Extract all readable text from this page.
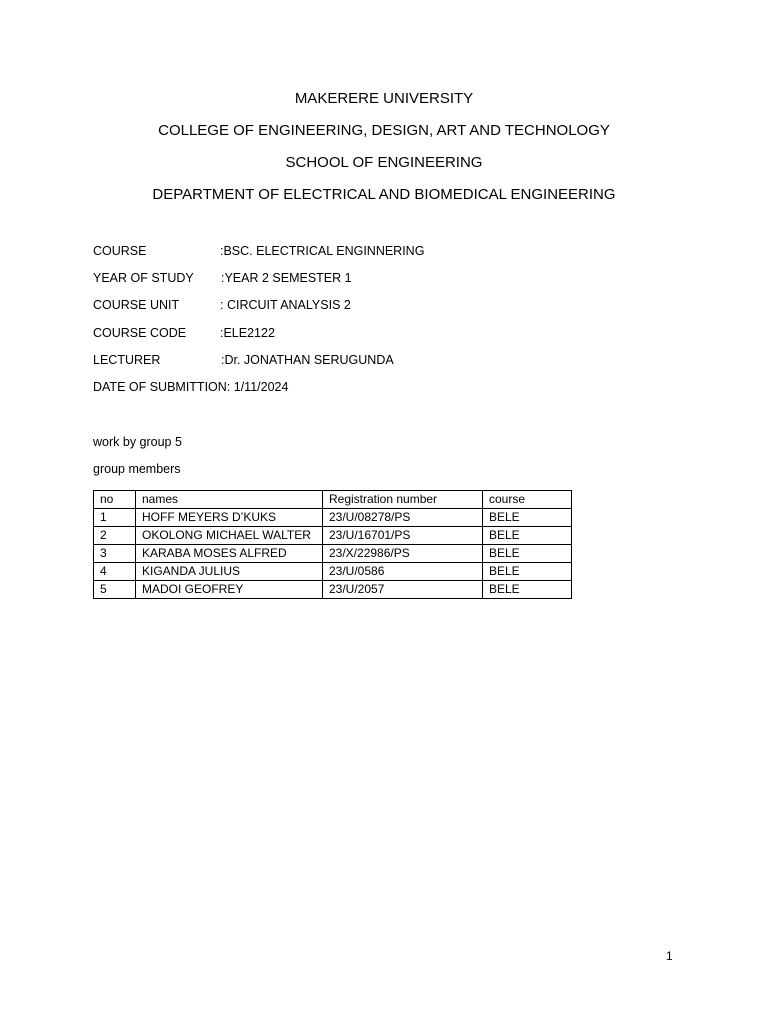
MAKERERE UNIVERSITY
COLLEGE OF ENGINEERING, DESIGN, ART AND TECHNOLOGY
SCHOOL OF ENGINEERING
DEPARTMENT OF ELECTRICAL AND BIOMEDICAL ENGINEERING
COURSE	:BSC. ELECTRICAL ENGINNERING
YEAR OF STUDY :YEAR 2 SEMESTER 1
COURSE UNIT	: CIRCUIT ANALYSIS 2
COURSE CODE	:ELE2122
LECTURER	:Dr. JONATHAN SERUGUNDA
DATE OF SUBMITTION: 1/11/2024
work by group 5
group members
no	names	Registration number	course
1	HOFF MEYERS D’KUKS	23/U/08278/PS	BELE
2	OKOLONG MICHAEL WALTER	23/U/16701/PS	BELE
3	KARABA MOSES ALFRED	23/X/22986/PS	BELE
4	KIGANDA JULIUS	23/U/0586	BELE
5	MADOI GEOFREY	23/U/2057	BELE
1
